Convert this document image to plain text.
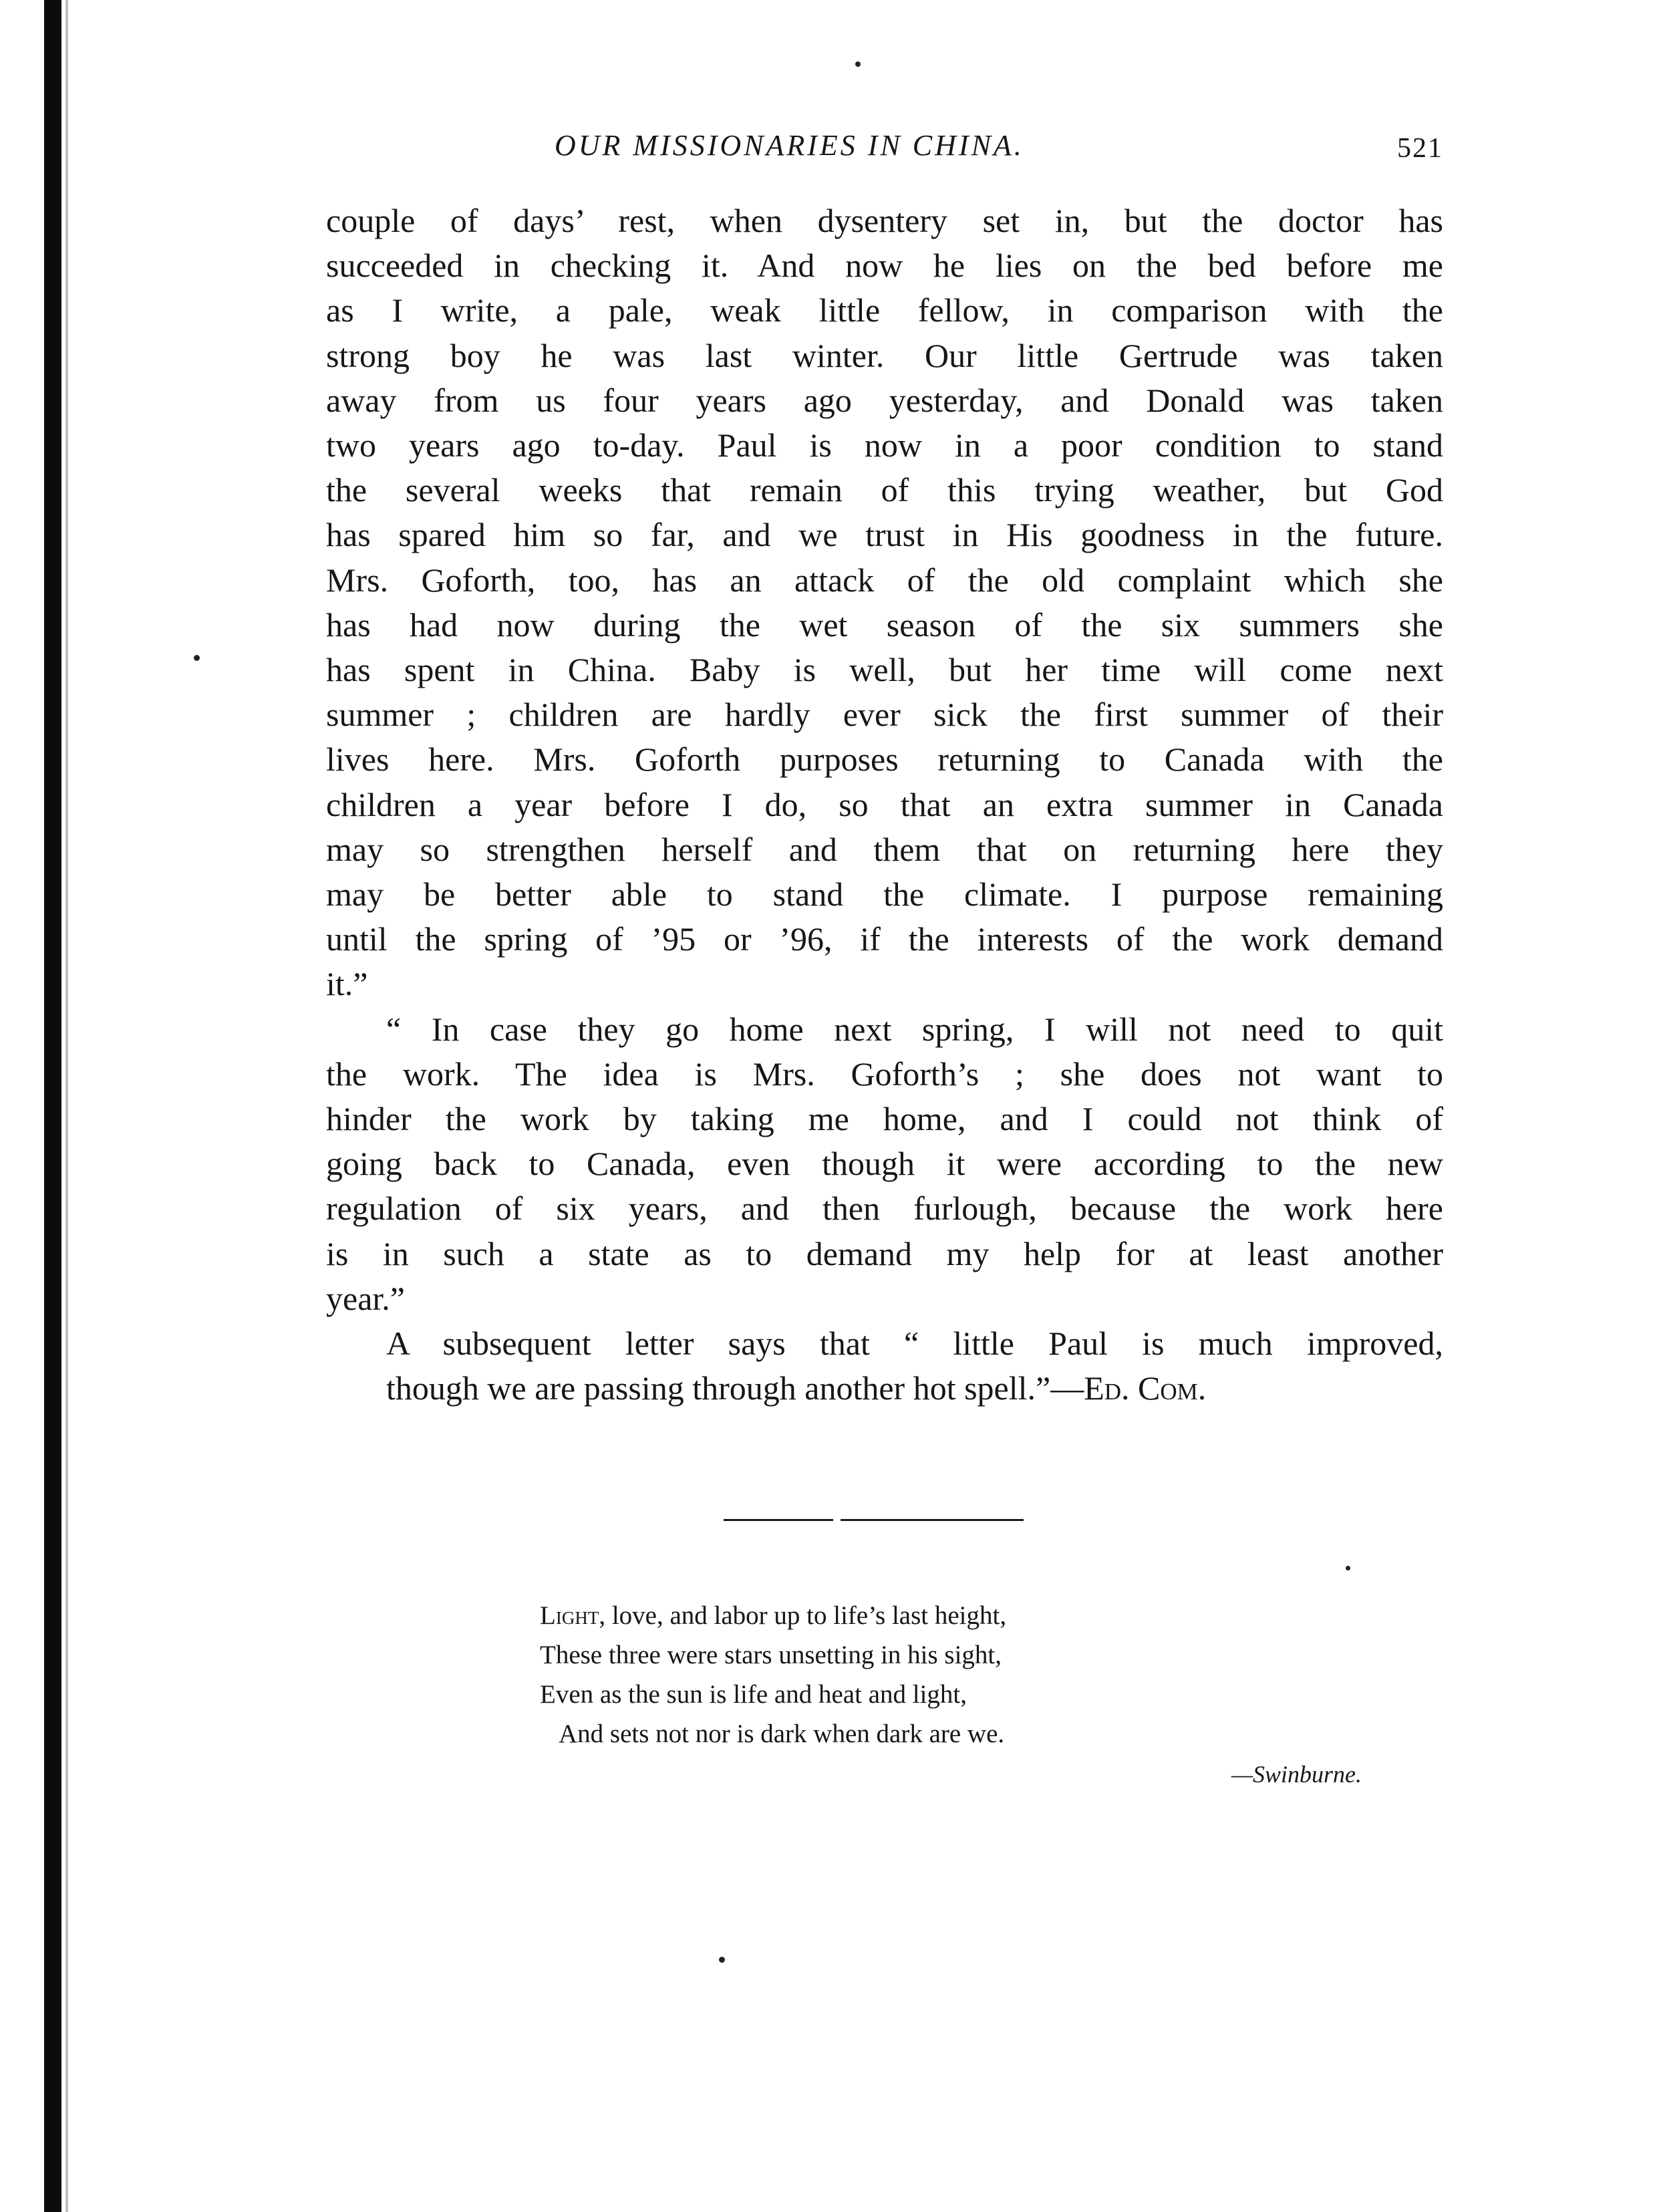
OUR MISSIONARIES IN CHINA.	521
couple of days’ rest, when dysentery set in, but the doctor has
succeeded in checking it. And now he lies on the bed before me
as I write, a pale, weak little fellow, in comparison with the
strong boy he was last winter. Our little Gertrude was taken
away from us four years ago yesterday, and Donald was taken
two years ago to-day. Paul is now in a poor condition to stand
the several weeks that remain of this trying weather, but God
has spared him so far, and we trust in His goodness in the future.
Mrs. Goforth, too, has an attack of the old complaint which she
has had now during the wet season of the six summers she
has spent in China. Baby is well, but her time will come next
summer ; children are hardly ever sick the first summer of their
lives here. Mrs. Goforth purposes returning to Canada with the
children a year before I do, so that an extra summer in Canada
may so strengthen herself and them that on returning here they
may be better able to stand the climate. I purpose remaining
until the spring of ’95 or ’96, if the interests of the work demand
it.”
“ In case they go home next spring, I will not need to quit
the work. The idea is Mrs. Goforth’s ; she does not want to
hinder the work by taking me home, and I could not think of
going back to Canada, even though it were according to the new
regulation of six years, and then furlough, because the work here
is in such a state as to demand my help for at least another
year.”
A subsequent letter says that “ little Paul is much improved,
though we are passing through another hot spell.”—Ed. Com.
Light, love, and labor up to life’s last height,
These three were stars unsetting in his sight,
Even as the sun is life and heat and light,
And sets not nor is dark when dark are we.
—Swinburne.
